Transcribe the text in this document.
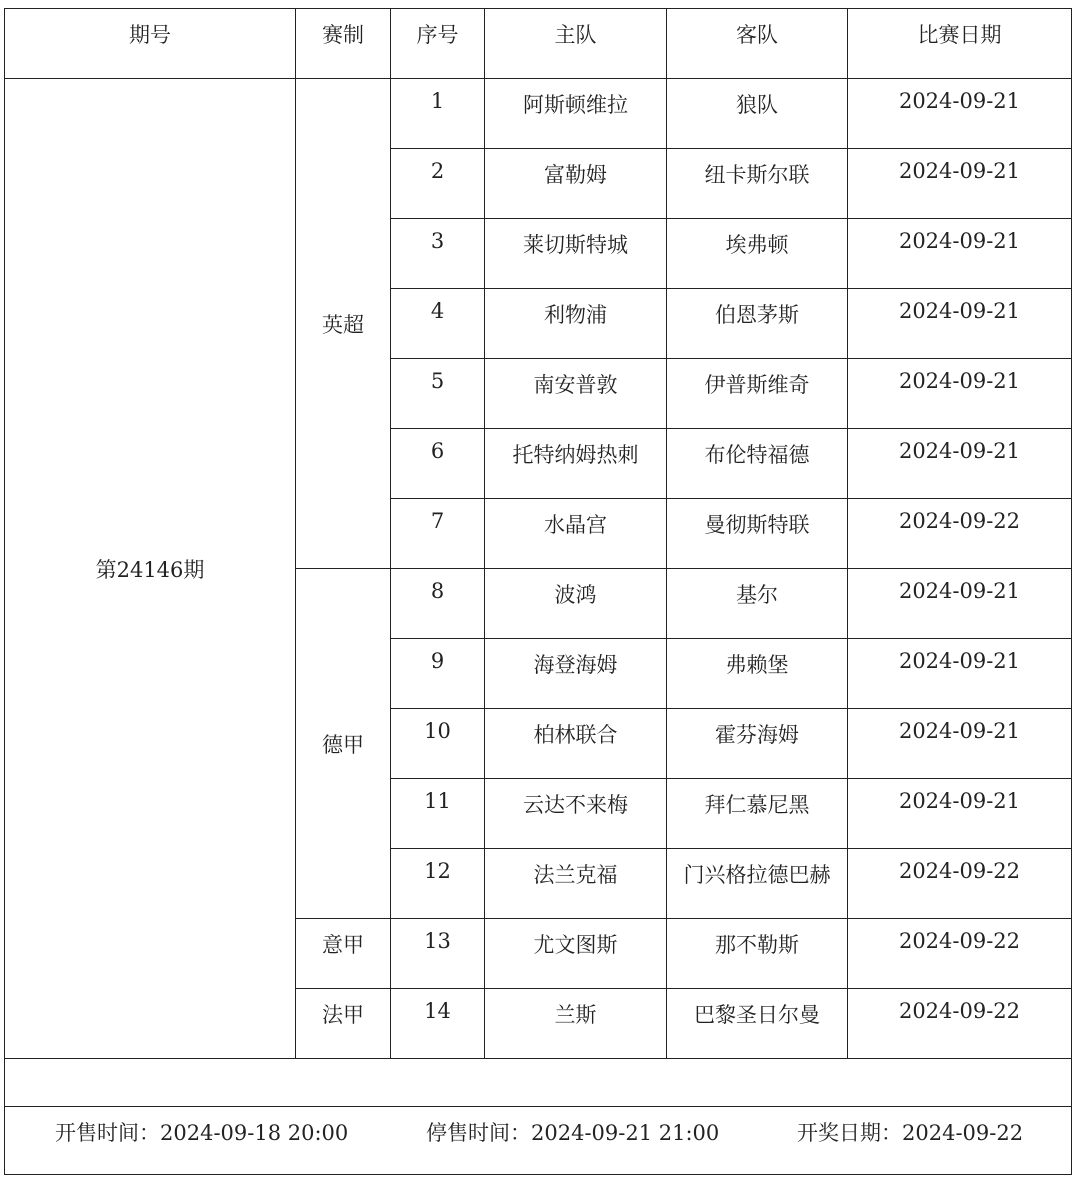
期号	赛制	序号	主队	客队	比赛日期
第24146期	英超	1	阿斯顿维拉	狼队	2024-09-21
		2	富勒姆	纽卡斯尔联	2024-09-21
		3	莱切斯特城	埃弗顿	2024-09-21
		4	利物浦	伯恩茅斯	2024-09-21
		5	南安普敦	伊普斯维奇	2024-09-21
		6	托特纳姆热刺	布伦特福德	2024-09-21
		7	水晶宫	曼彻斯特联	2024-09-22
	德甲	8	波鸿	基尔	2024-09-21
		9	海登海姆	弗赖堡	2024-09-21
		10	柏林联合	霍芬海姆	2024-09-21
		11	云达不来梅	拜仁慕尼黑	2024-09-21
		12	法兰克福	门兴格拉德巴赫	2024-09-22
	意甲	13	尤文图斯	那不勒斯	2024-09-22
	法甲	14	兰斯	巴黎圣日尔曼	2024-09-22

开售时间：2024-09-18 20:00 停售时间：2024-09-21 21:00 开奖日期：2024-09-22					
